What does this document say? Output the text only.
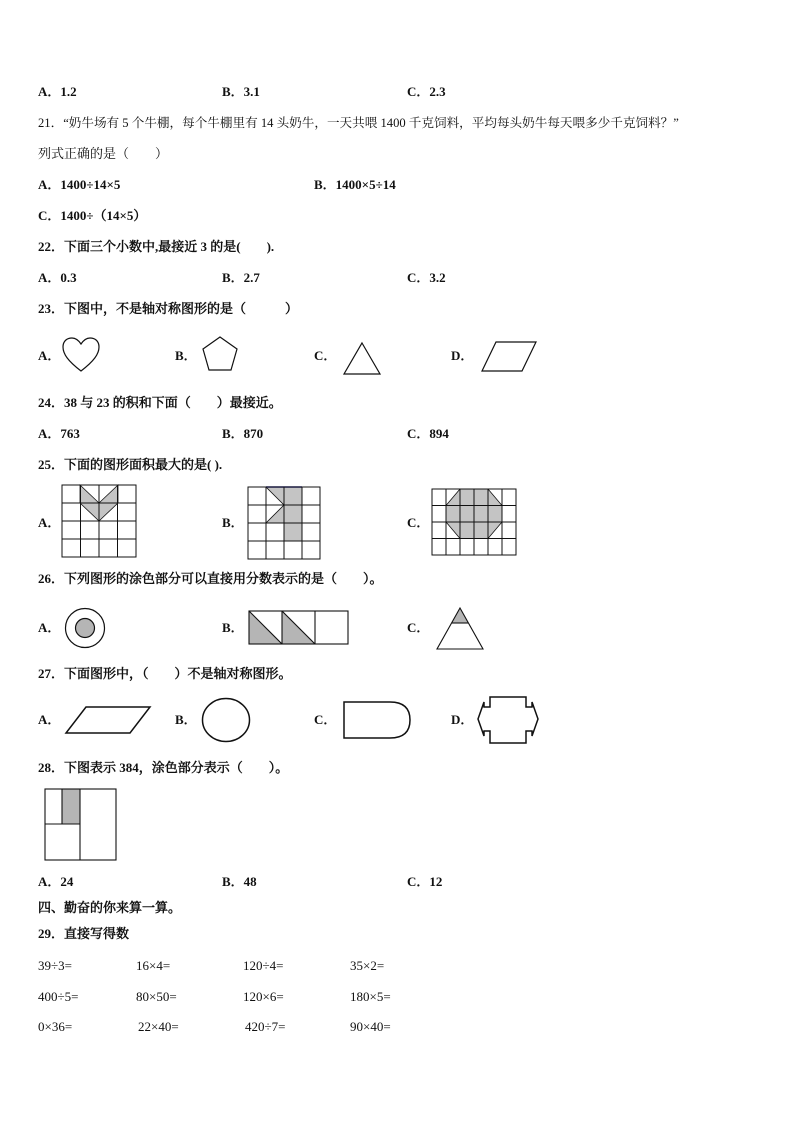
A．1.2	B．3.1	C．2.3
21．“奶牛场有 5 个牛棚，每个牛棚里有 14 头奶牛，一天共喂 1400 千克饲料，平均每头奶牛每天喂多少千克饲料？”
列式正确的是（　　）
A．1400÷14×5	B．1400×5÷14
C．1400÷（14×5）
22．下面三个小数中,最接近 3 的是(　　).
A．0.3	B．2.7	C．3.2
23．下图中，不是轴对称图形的是（　　　）
A．	B．	C．	D．
24．38 与 23 的积和下面（　　）最接近。
A．763	B．870	C．894
25．下面的图形面积最大的是( ).
A．	B．	C．
26．下列图形的涂色部分可以直接用分数表示的是（　　）。
A．	B．	C．
27．下面图形中，（　　）不是轴对称图形。
A．	B．	C．	D．
28．下图表示 384，涂色部分表示（　　）。
A．24	B．48	C．12
四、勤奋的你来算一算。
29．直接写得数
39÷3=	16×4=	120÷4=	35×2=
400÷5=	80×50=	120×6=	180×5=
0×36=	22×40=	420÷7=	90×40=
